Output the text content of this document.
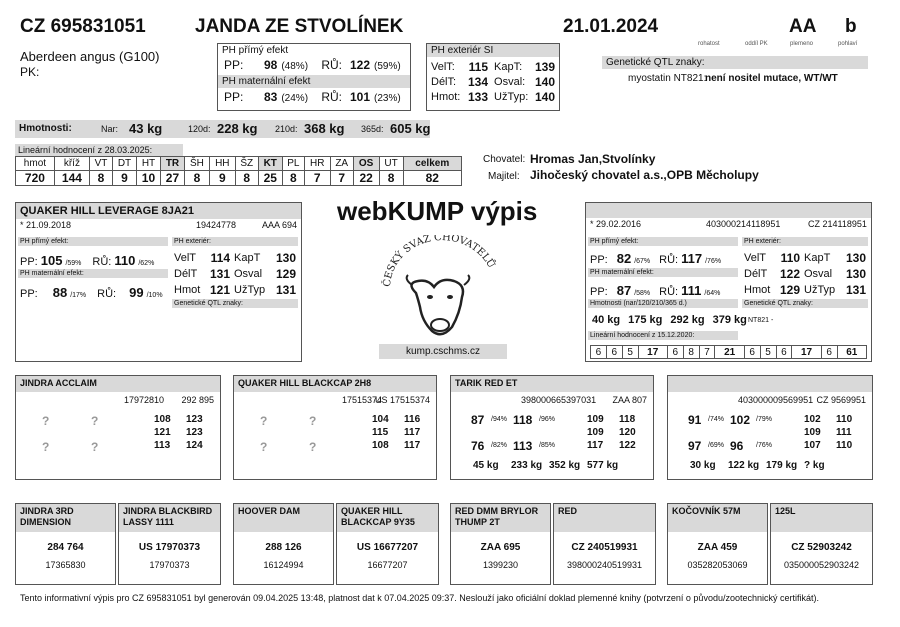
CZ 695831051	JANDA ZE STVOLÍNEK	21.01.2024	AA b
rohatost	oddíl PK	plemeno	pohlaví
Aberdeen angus (G100)
PK:
PH přímý efekt
PP:	98 (48%)	RŮ: 122 (59%)
PH maternální efekt
PP:	83 (24%)	RŮ: 101 (23%)
PH exteriér SI
VelT:	115 KapT:	139
DélT: 134 Osval: 140
Hmot: 133 UžTyp: 140
Genetické QTL znaky:
myostatin NT821:
není nositel mutace, WT/WT
Hmotnosti:	Nar: 43 kg	120d: 228 kg 210d: 368 kg 365d: 605 kg
Lineární hodnocení z 28.03.2025:
hmot	kříž	VT	DT	HT	TR	ŠH	HH	ŠZ	KT	PL	HR	ZA	OS	UT	celkem
720	144	8	9	10	27	8	9	8	25	8	7	7	22	8	82
Chovatel: Hromas Jan,Stvolínky
Majitel: Jihočeský chovatel a.s.,OPB Měcholupy
QUAKER HILL LEVERAGE 8JA21
* 21.09.2018	19424778	AAA 694
PH přímý efekt:
PP: 105 /59% RŮ: 110 /62%
PH maternální efekt:
PP: 88 /17% RŮ: 99 /10%
PH exteriér:
VelT	114 KapT	130
DélT	131 Osval	129
Hmot 121 UžTyp 131
Genetické QTL znaky:
webKUMP výpis
ČESKÝ SVAZ CHOVATELŮ
kump.cschms.cz
* 29.02.2016	403000214118951	CZ 214118951
PH přímý efekt:
PP: 82 /67% RŮ: 117 /76%
PH maternální efekt:
PP: 87 /58% RŮ: 111 /64%
Hmotnosti (nar/120/210/365 d.)
40 kg 175 kg 292 kg 379 kg
PH exteriér:
VelT	110 KapT	130
DélT	122 Osval	130
Hmot 129 UžTyp 131
Genetické QTL znaky:
NT821 -
Lineární hodnocení z 15.12.2020:
6	6	5	17	6	8	7	21	6	5	6	17	6	61
JINDRA ACCLAIM
17972810 292 895
?	?	108 123
121 123
?	?	113 124
QUAKER HILL BLACKCAP 2H8
17515374
US 17515374
?	?	104 116
115 117
?	?	108 117
TARIK RED ET
398000665397031 ZAA 807
87 /94% 118 /96%	109 118
109 120
76 /82% 113 /85%	117 122
45 kg 233 kg 352 kg 577 kg
403000009569951 CZ 9569951
91 /74% 102 /79%	102 110
109 111
97 /69% 96 /76%	107 110
30 kg 122 kg 179 kg ? kg
JINDRA 3RD DIMENSION
284 764
17365830
JINDRA BLACKBIRD LASSY 1111
US 17970373
17970373
HOOVER DAM
288 126
16124994
QUAKER HILL BLACKCAP 9Y35
US 16677207
16677207
RED DMM BRYLOR THUMP 2T
ZAA 695
1399230
RED
CZ 240519931
398000240519931
KOČOVNÍK 57M
ZAA 459
035282053069
125L
CZ 52903242
035000052903242
Tento informativní výpis pro CZ 695831051 byl generován 09.04.2025 13:48, platnost dat k 07.04.2025 09:37. Neslouží jako oficiální doklad plemenné knihy (potvrzení o původu/zootechnický certifikát).
